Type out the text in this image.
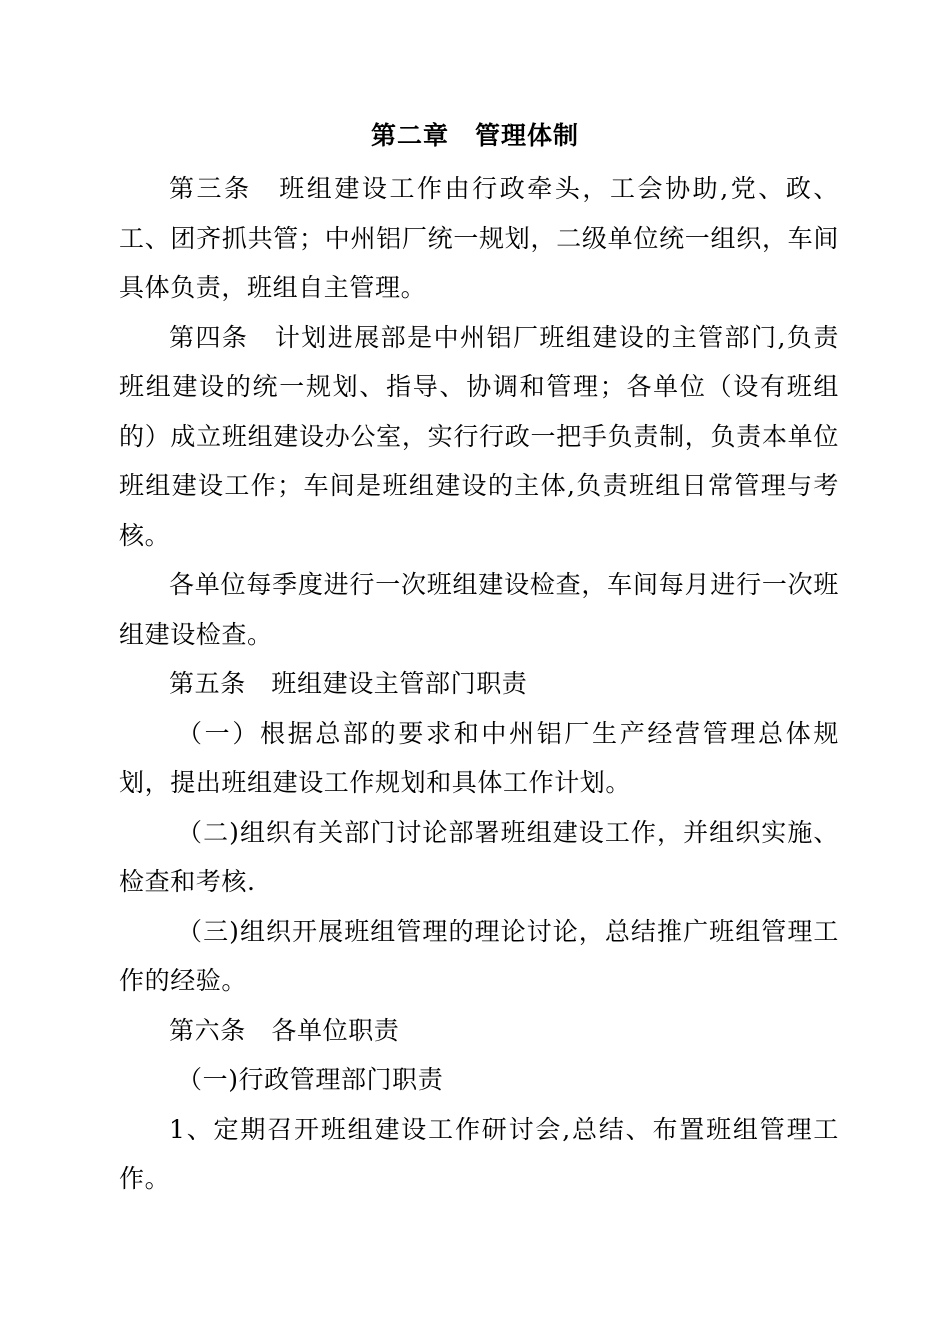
第二章　管理体制

第三条　班组建设工作由行政牵头，工会协助,党、政、工、团齐抓共管；中州铝厂统一规划，二级单位统一组织，车间具体负责，班组自主管理。

第四条　计划进展部是中州铝厂班组建设的主管部门,负责班组建设的统一规划、指导、协调和管理；各单位（设有班组的）成立班组建设办公室，实行行政一把手负责制，负责本单位班组建设工作；车间是班组建设的主体,负责班组日常管理与考核。

各单位每季度进行一次班组建设检查，车间每月进行一次班组建设检查。

第五条　班组建设主管部门职责

（一）根据总部的要求和中州铝厂生产经营管理总体规划，提出班组建设工作规划和具体工作计划。

（二)组织有关部门讨论部署班组建设工作，并组织实施、检查和考核.

（三)组织开展班组管理的理论讨论，总结推广班组管理工作的经验。

第六条　各单位职责

（一)行政管理部门职责

1、定期召开班组建设工作研讨会,总结、布置班组管理工作。
